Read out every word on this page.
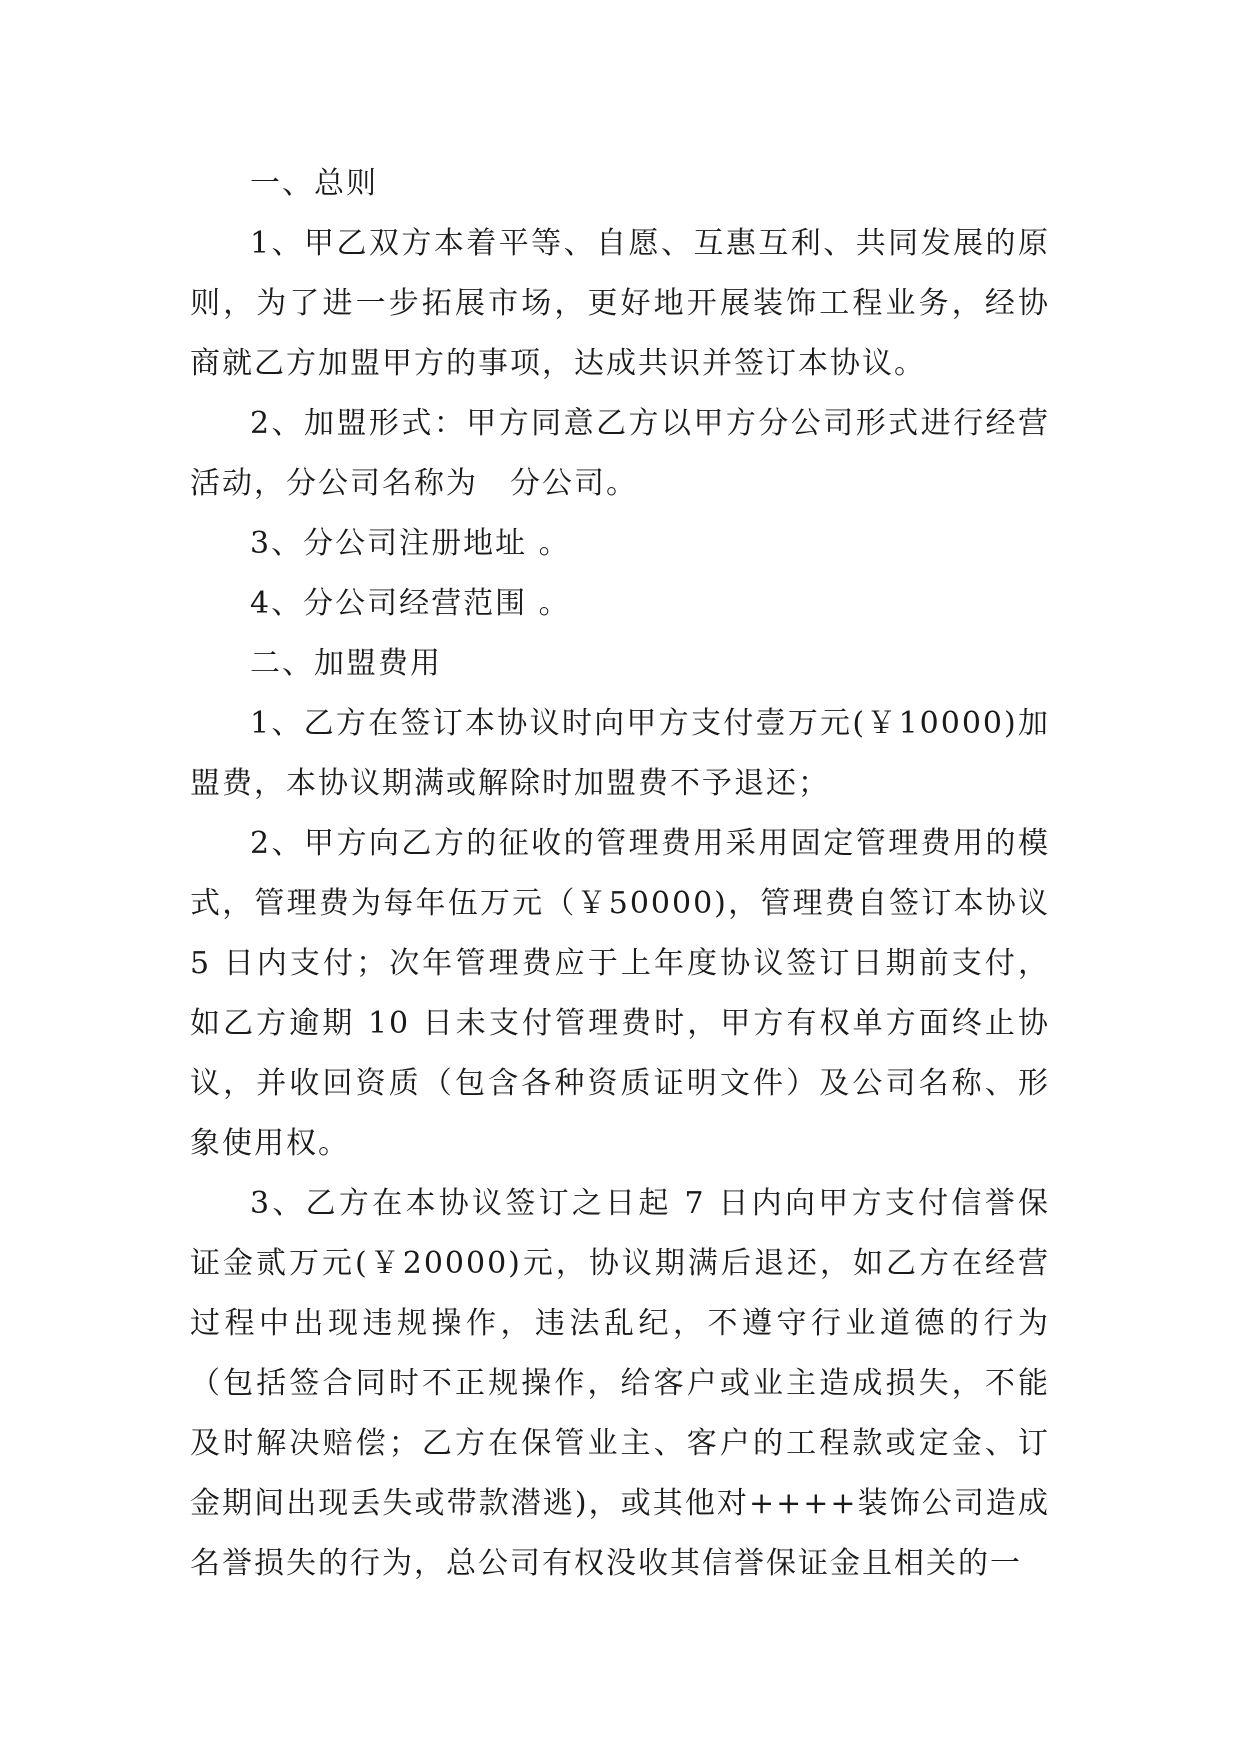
一、总则

1、甲乙双方本着平等、自愿、互惠互利、共同发展的原则，为了进一步拓展市场，更好地开展装饰工程业务，经协商就乙方加盟甲方的事项，达成共识并签订本协议。

2、加盟形式：甲方同意乙方以甲方分公司形式进行经营活动，分公司名称为　分公司。

3、分公司注册地址 。

4、分公司经营范围 。

二、加盟费用

1、乙方在签订本协议时向甲方支付壹万元(￥10000)加盟费，本协议期满或解除时加盟费不予退还；

2、甲方向乙方的征收的管理费用采用固定管理费用的模式，管理费为每年伍万元（￥50000)，管理费自签订本协议 5 日内支付；次年管理费应于上年度协议签订日期前支付，如乙方逾期 10 日未支付管理费时，甲方有权单方面终止协议，并收回资质（包含各种资质证明文件）及公司名称、形象使用权。

3、乙方在本协议签订之日起 7 日内向甲方支付信誉保证金贰万元(￥20000)元，协议期满后退还，如乙方在经营过程中出现违规操作，违法乱纪，不遵守行业道德的行为（包括签合同时不正规操作，给客户或业主造成损失，不能及时解决赔偿；乙方在保管业主、客户的工程款或定金、订金期间出现丢失或带款潜逃)，或其他对++++装饰公司造成名誉损失的行为，总公司有权没收其信誉保证金且相关的一
